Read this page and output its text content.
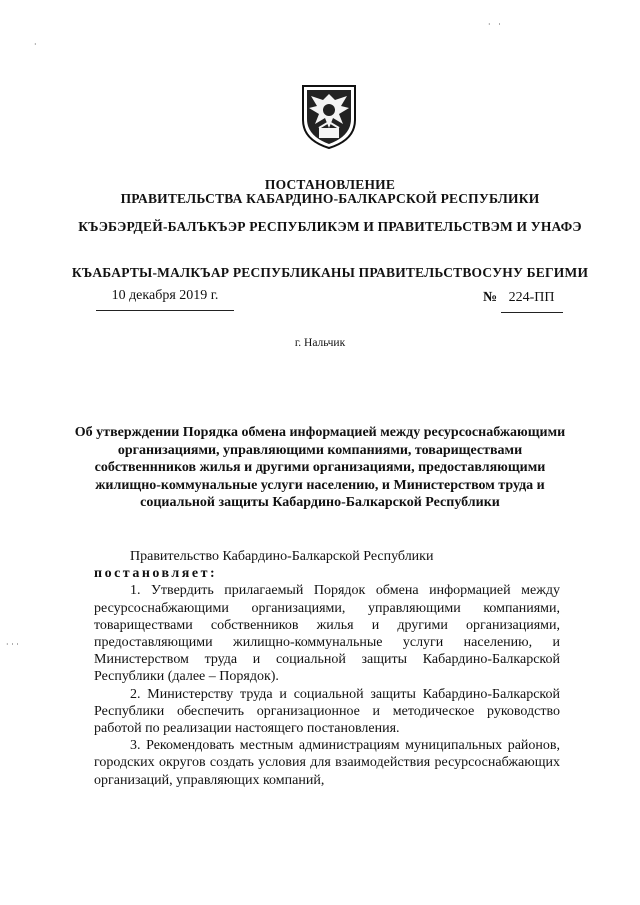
ПОСТАНОВЛЕНИЕ
ПРАВИТЕЛЬСТВА КАБАРДИНО-БАЛКАРСКОЙ РЕСПУБЛИКИ
КЪЭБЭРДЕЙ-БАЛЪКЪЭР РЕСПУБЛИКЭМ И ПРАВИТЕЛЬСТВЭМ И УНАФЭ
КЪАБАРТЫ-МАЛКЪАР РЕСПУБЛИКАНЫ ПРАВИТЕЛЬСТВОСУНУ БЕГИМИ
10 декабря 2019 г.	№ 224-ПП
г. Нальчик
Об утверждении Порядка обмена информацией между ресурсоснабжающими организациями, управляющими компаниями, товариществами собственнников жилья и другими организациями, предоставляющими жилищно-коммунальные услуги населению, и Министерством труда и социальной защиты Кабардино-Балкарской Республики

Правительство Кабардино-Балкарской Республики
постановляет:

1. Утвердить прилагаемый Порядок обмена информацией между ресурсоснабжающими организациями, управляющими компаниями, товариществами собственников жилья и другими организациями, предоставляющими жилищно-коммунальные услуги населению, и Министерством труда и социальной защиты Кабардино-Балкарской Республики (далее – Порядок).

2. Министерству труда и социальной защиты Кабардино-Балкарской Республики обеспечить организационное и методическое руководство работой по реализации настоящего постановления.

3. Рекомендовать местным администрациям муниципальных районов, городских округов создать условия для взаимодействия ресурсоснабжающих организаций, управляющих компаний,

·   ·
·
· · ·
